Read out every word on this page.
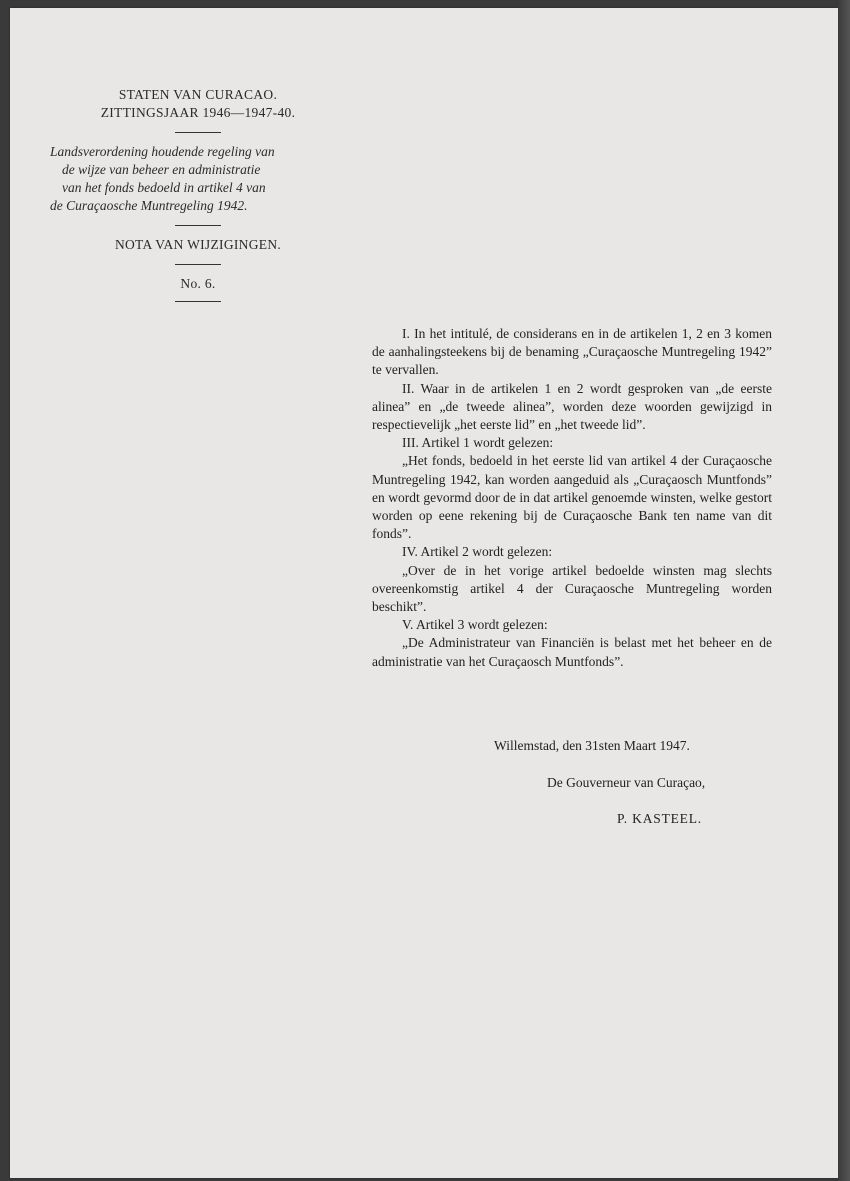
STATEN VAN CURACAO.
ZITTINGSJAAR 1946—1947-40.
Landsverordening houdende regeling van
de wijze van beheer en administratie
van het fonds bedoeld in artikel 4 van
de Curaçaosche Muntregeling 1942.
NOTA VAN WIJZIGINGEN.
No. 6.

I. In het intitulé, de considerans en in de artikelen 1, 2 en 3 komen de aanhalingsteekens bij de benaming „Curaçaosche Muntregeling 1942” te vervallen.

II. Waar in de artikelen 1 en 2 wordt gesproken van „de eerste alinea” en „de tweede alinea”, worden deze woorden gewijzigd in respectievelijk „het eerste lid” en „het tweede lid”.

III. Artikel 1 wordt gelezen:

„Het fonds, bedoeld in het eerste lid van artikel 4 der Curaçaosche Muntregeling 1942, kan worden aangeduid als „Curaçaosch Muntfonds” en wordt gevormd door de in dat artikel genoemde winsten, welke gestort worden op eene rekening bij de Curaçaosche Bank ten name van dit fonds”.

IV. Artikel 2 wordt gelezen:

„Over de in het vorige artikel bedoelde winsten mag slechts overeenkomstig artikel 4 der Curaçaosche Muntregeling worden beschikt”.

V. Artikel 3 wordt gelezen:

„De Administrateur van Financiën is belast met het beheer en de administratie van het Curaçaosch Muntfonds”.

Willemstad, den 31sten Maart 1947.
De Gouverneur van Curaçao,
P. KASTEEL.
